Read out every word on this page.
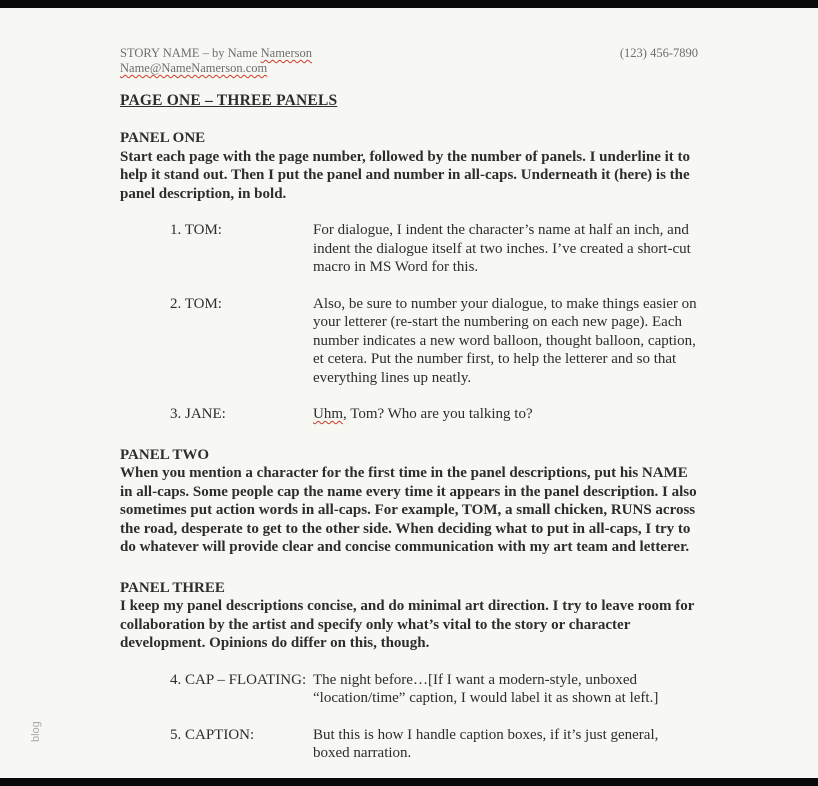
blog
STORY NAME – by Name Namerson
Name@NameNamerson.com
(123) 456-7890
PAGE ONE – THREE PANELS
PANEL ONE
Start each page with the page number, followed by the number of panels. I underline it to help it stand out. Then I put the panel and number in all-caps. Underneath it (here) is the panel description, in bold.
1. TOM:	For dialogue, I indent the character’s name at half an inch, and indent the dialogue itself at two inches. I’ve created a short-cut macro in MS Word for this.
2. TOM:	Also, be sure to number your dialogue, to make things easier on your letterer (re-start the numbering on each new page). Each number indicates a new word balloon, thought balloon, caption, et cetera. Put the number first, to help the letterer and so that everything lines up neatly.
3. JANE:	Uhm, Tom? Who are you talking to?
PANEL TWO
When you mention a character for the first time in the panel descriptions, put his NAME in all-caps. Some people cap the name every time it appears in the panel description. I also sometimes put action words in all-caps. For example, TOM, a small chicken, RUNS across the road, desperate to get to the other side. When deciding what to put in all-caps, I try to do whatever will provide clear and concise communication with my art team and letterer.
PANEL THREE
I keep my panel descriptions concise, and do minimal art direction. I try to leave room for collaboration by the artist and specify only what’s vital to the story or character development. Opinions do differ on this, though.
4. CAP – FLOATING: The night before…[If I want a modern-style, unboxed “location/time” caption, I would label it as shown at left.]
5. CAPTION:	But this is how I handle caption boxes, if it’s just general, boxed narration.
